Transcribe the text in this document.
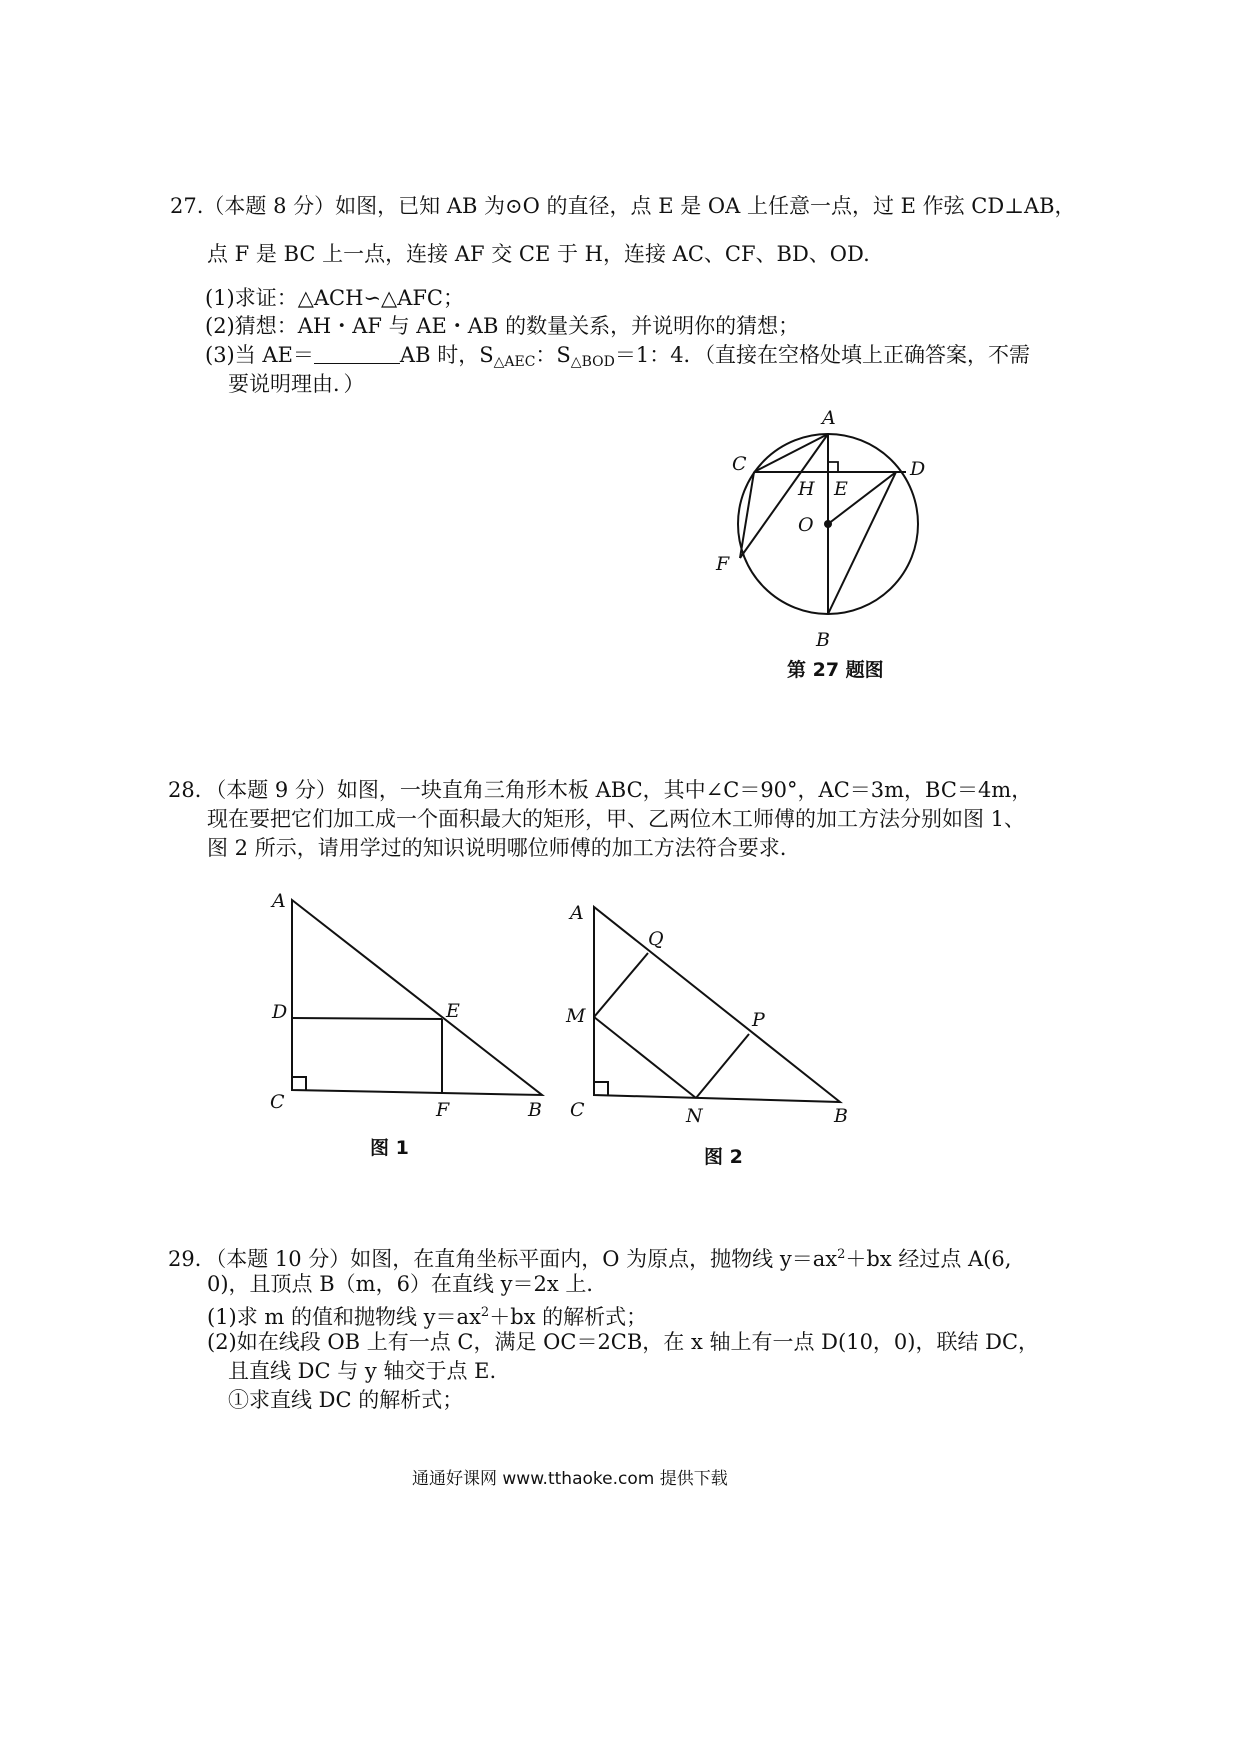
27.（本题 8 分）如图，已知 AB 为⊙O 的直径，点 E 是 OA 上任意一点，过 E 作弦 CD⊥AB，
点 F 是 BC 上一点，连接 AF 交 CE 于 H，连接 AC、CF、BD、OD.
(1)求证：△ACH∽△AFC；
(2)猜想：AH・AF 与 AE・AB 的数量关系，并说明你的猜想；
(3)当 AE＝	AB 时，$S_{\triangle AEC}$：$S_{\triangle BOD}=1$：4．（直接在空格处填上正确答案，不需
要说明理由．）
A
C	D
H E
O
F
B
第 27 题图
28．（本题 9 分）如图，一块直角三角形木板 ABC，其中∠C＝90°，AC＝3m，BC＝4m，
现在要把它们加工成一个面积最大的矩形，甲、乙两位木工师傅的加工方法分别如图 1、
图 2 所示，请用学过的知识说明哪位师傅的加工方法符合要求.
A
D	E
C	F	B
图 1
A
Q
M	P
C	N	B
图 2
29．（本题 10 分）如图，在直角坐标平面内，O 为原点，抛物线 $y=ax^2+bx$ 经过点 A(6,
0)，且顶点 B（m，6）在直线 y＝2x 上．
(1)求 m 的值和抛物线 $y=ax^2+bx$ 的解析式；
(2)如在线段 OB 上有一点 C，满足 OC＝2CB，在 x 轴上有一点 D(10，0)，联结 DC，
且直线 DC 与 y 轴交于点 E.
①求直线 DC 的解析式；
通通好课网 www.tthaoke.com 提供下载
